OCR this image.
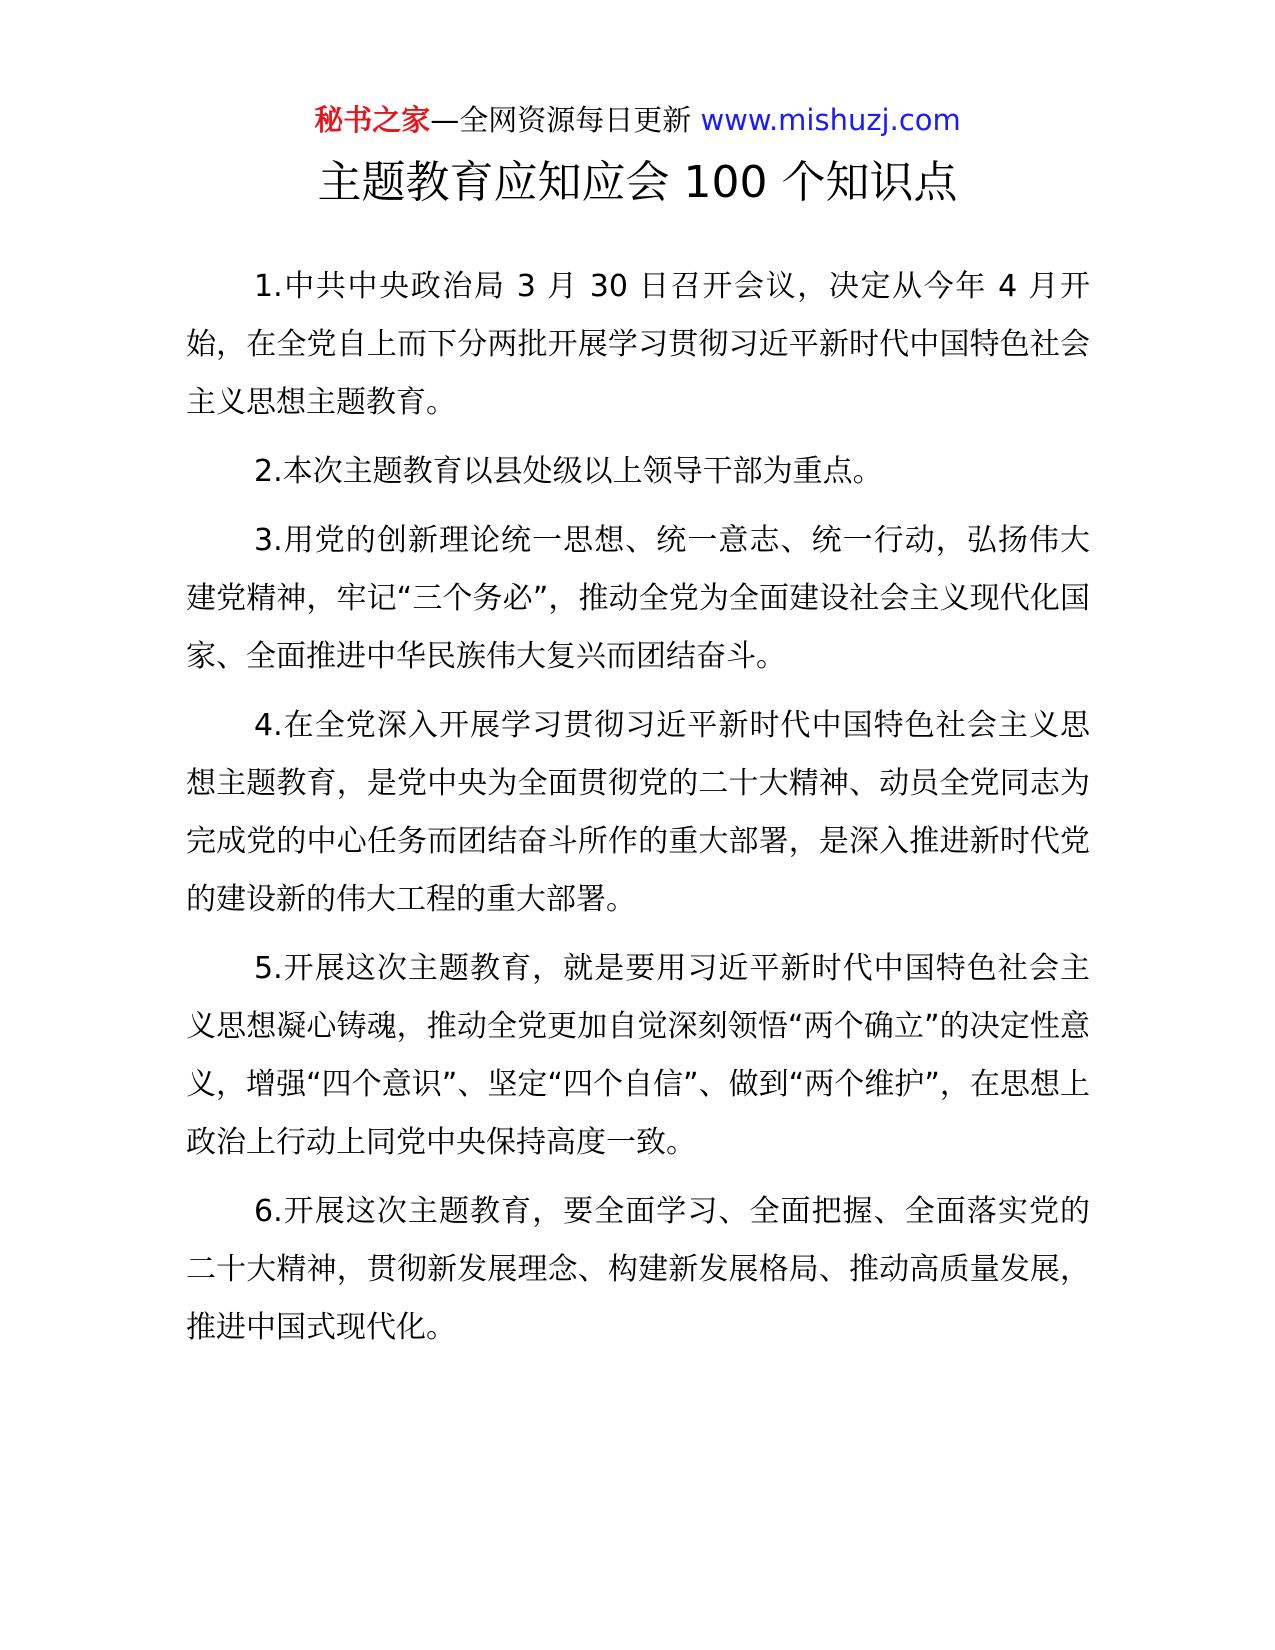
秘书之家—全网资源每日更新 www.mishuzj.com
主题教育应知应会 100 个知识点

1.中共中央政治局 3 月 30 日召开会议，决定从今年 4 月开始，在全党自上而下分两批开展学习贯彻习近平新时代中国特色社会主义思想主题教育。

2.本次主题教育以县处级以上领导干部为重点。

3.用党的创新理论统一思想、统一意志、统一行动，弘扬伟大建党精神，牢记“三个务必”，推动全党为全面建设社会主义现代化国家、全面推进中华民族伟大复兴而团结奋斗。

4.在全党深入开展学习贯彻习近平新时代中国特色社会主义思想主题教育，是党中央为全面贯彻党的二十大精神、动员全党同志为完成党的中心任务而团结奋斗所作的重大部署，是深入推进新时代党的建设新的伟大工程的重大部署。

5.开展这次主题教育，就是要用习近平新时代中国特色社会主义思想凝心铸魂，推动全党更加自觉深刻领悟“两个确立”的决定性意义，增强“四个意识”、坚定“四个自信”、做到“两个维护”，在思想上政治上行动上同党中央保持高度一致。

6.开展这次主题教育，要全面学习、全面把握、全面落实党的二十大精神，贯彻新发展理念、构建新发展格局、推动高质量发展，推进中国式现代化。
